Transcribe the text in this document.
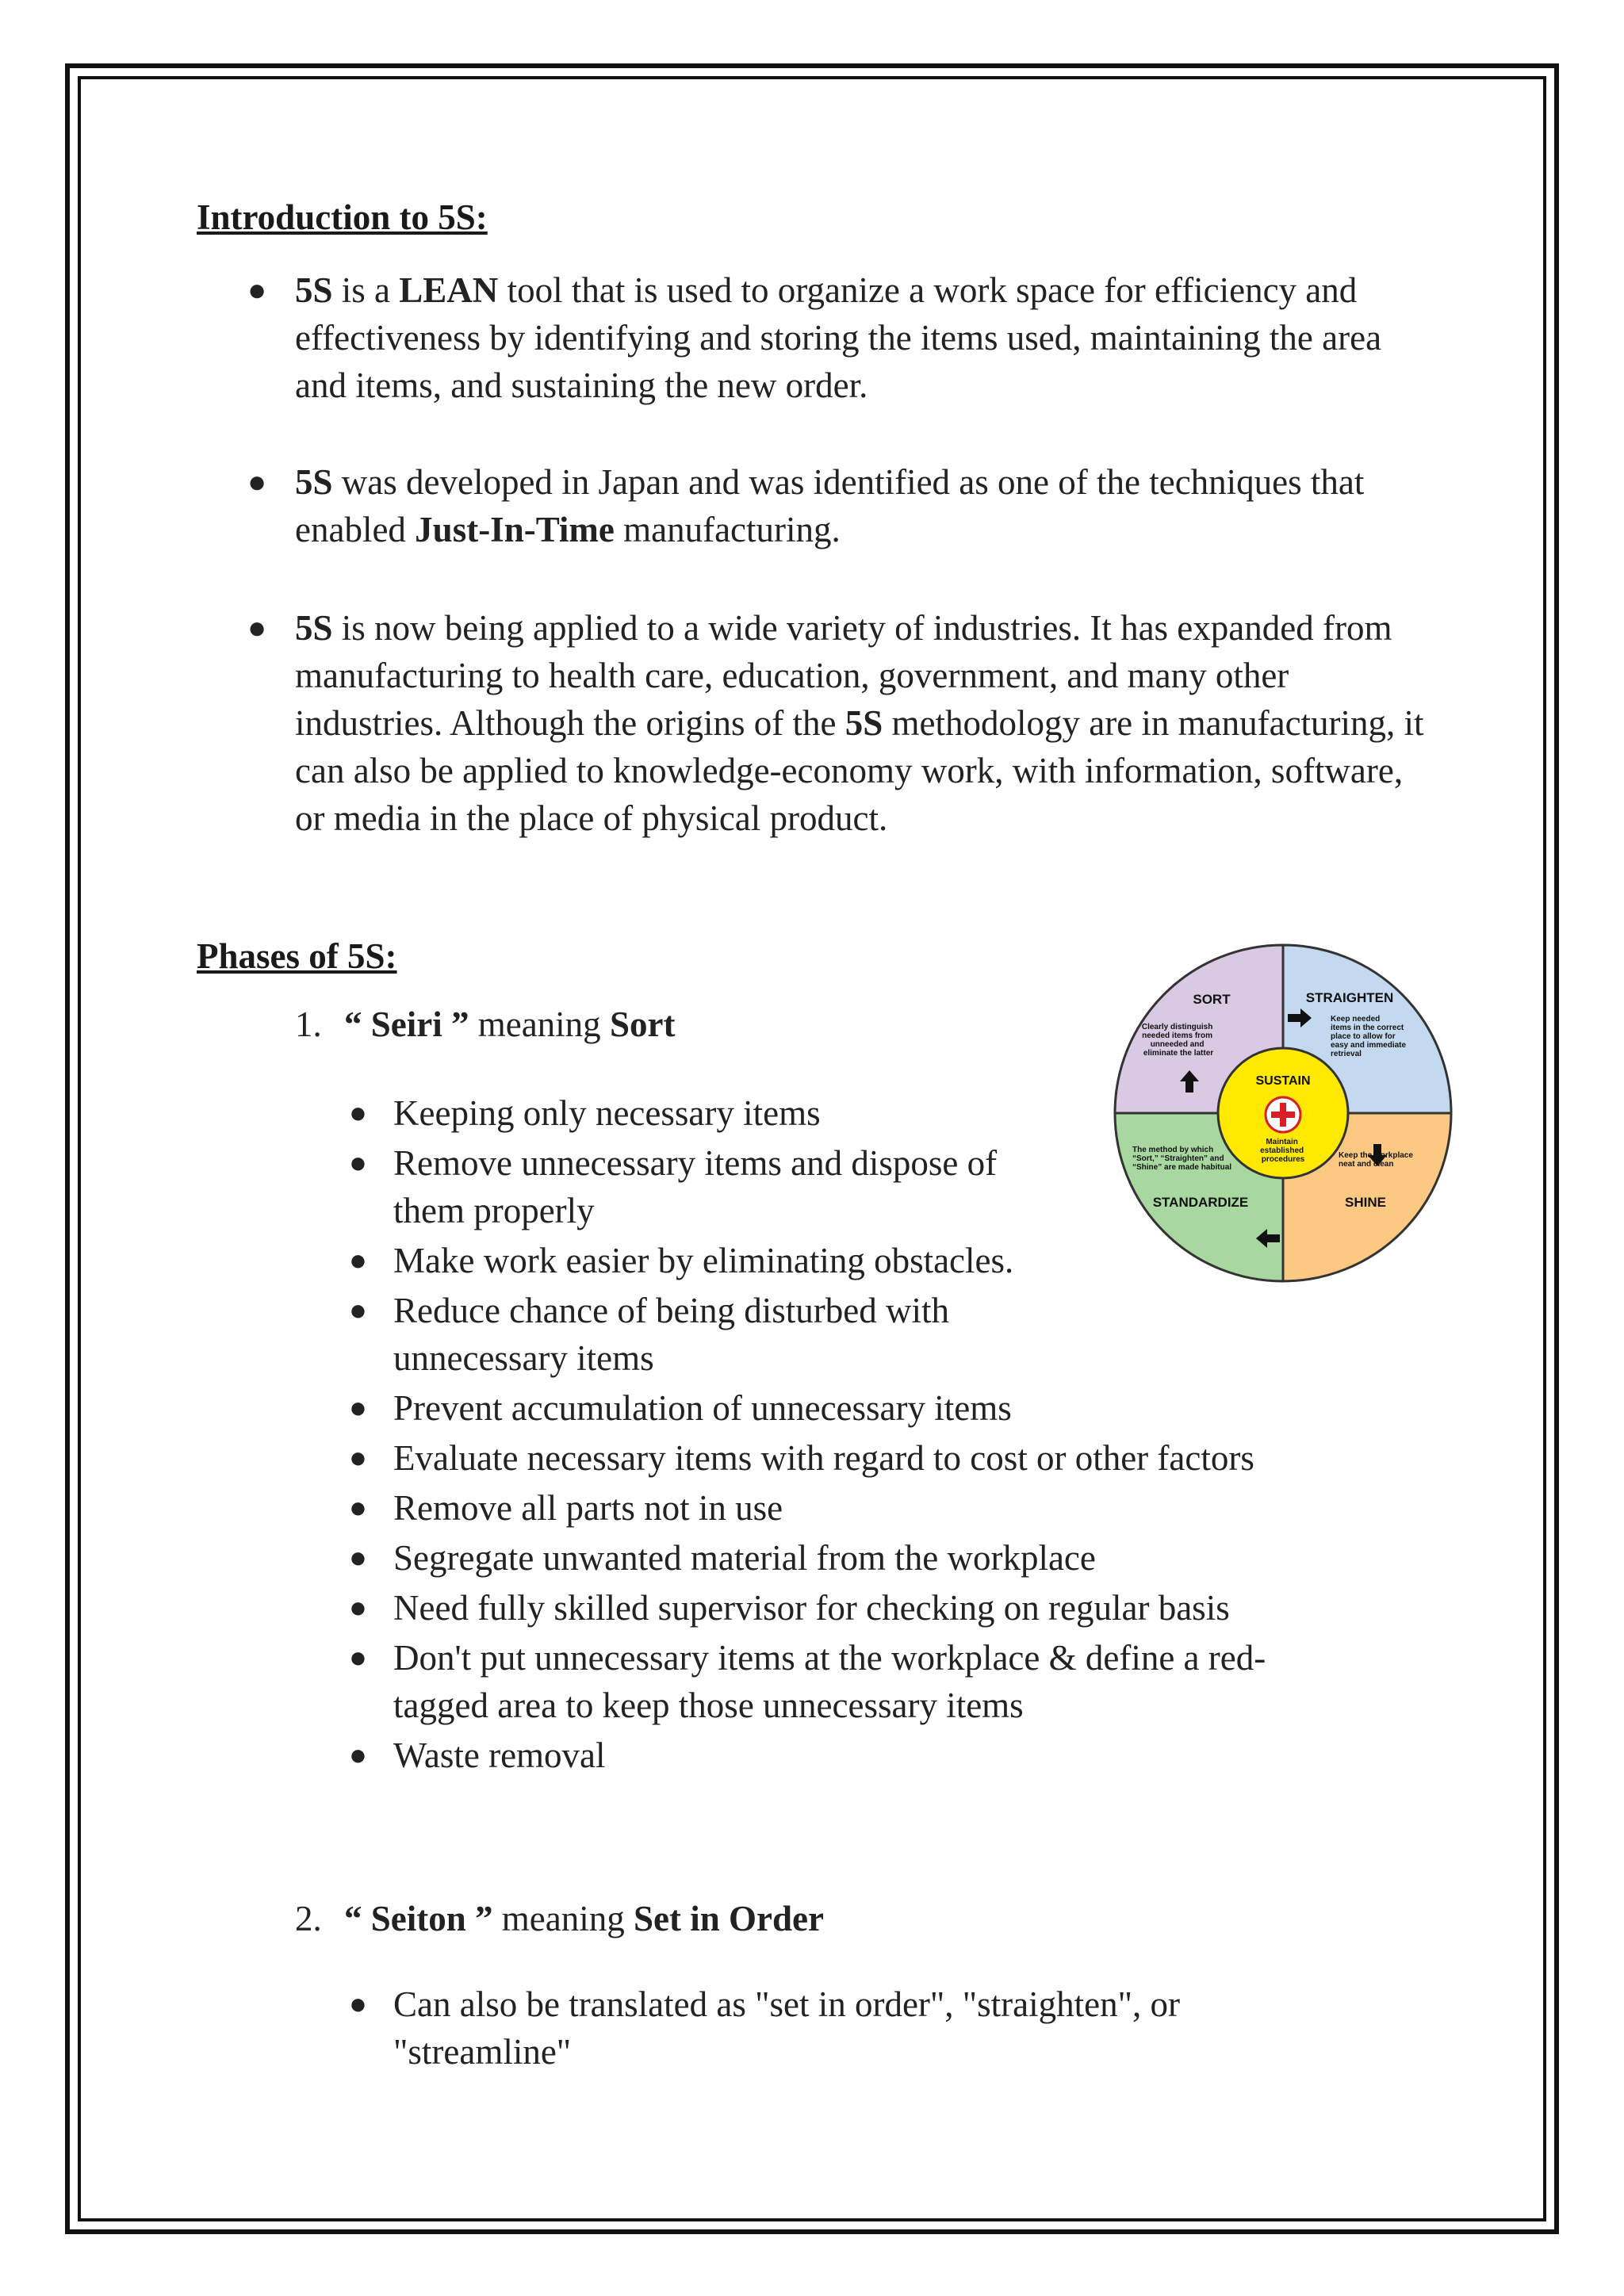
Introduction to 5S:
● 5S is a LEAN tool that is used to organize a work space for efficiency and effectiveness by identifying and storing the items used, maintaining the area and items, and sustaining the new order.
● 5S was developed in Japan and was identified as one of the techniques that enabled Just-In-Time manufacturing.
● 5S is now being applied to a wide variety of industries. It has expanded from manufacturing to health care, education, government, and many other industries. Although the origins of the 5S methodology are in manufacturing, it can also be applied to knowledge-economy work, with information, software, or media in the place of physical product.
Phases of 5S:
1. “ Seiri ” meaning Sort
● Keeping only necessary items
● Remove unnecessary items and dispose of them properly
● Make work easier by eliminating obstacles.
● Reduce chance of being disturbed with unnecessary items
● Prevent accumulation of unnecessary items
● Evaluate necessary items with regard to cost or other factors
● Remove all parts not in use
● Segregate unwanted material from the workplace
● Need fully skilled supervisor for checking on regular basis
● Don't put unnecessary items at the workplace & define a red-tagged area to keep those unnecessary items
● Waste removal
2. “ Seiton ” meaning Set in Order
● Can also be translated as "set in order", "straighten", or "streamline"
SORT
Clearly distinguish needed items from unneeded and eliminate the latter
STRAIGHTEN
Keep needed items in the correct place to allow for easy and immediate retrieval
SUSTAIN
Maintain established procedures
The method by which “Sort,” “Straighten” and “Shine” are made habitual
STANDARDIZE
Keep the workplace neat and clean
SHINE
